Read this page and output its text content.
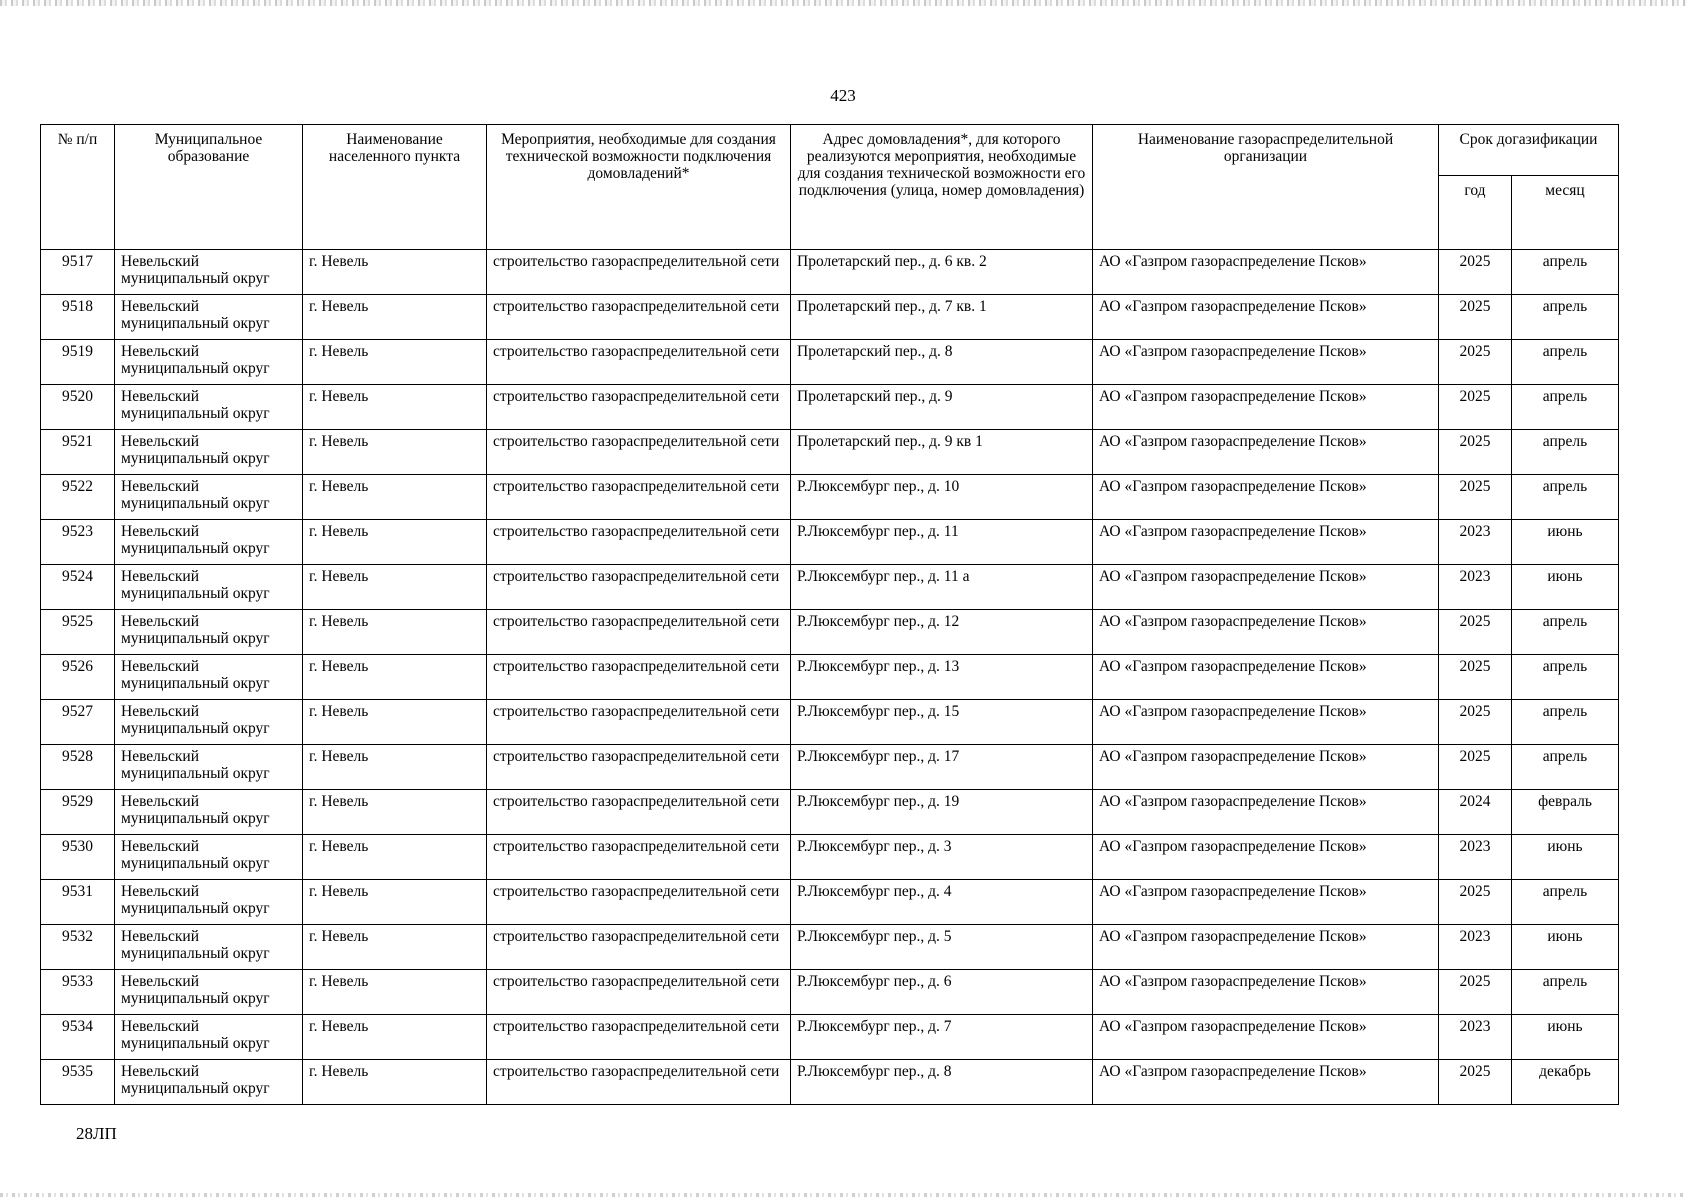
423
№ п/п	Муниципальное образование	Наименование населенного пункта	Мероприятия, необходимые для создания технической возможности подключения домовладений*	Адрес домовладения*, для которого реализуются мероприятия, необходимые для создания технической возможности его подключения (улица, номер домовладения)	Наименование газораспределительной организации	Срок догазификации	
						год	месяц
9517	Невельский муниципальный округ	г. Невель	строительство газораспределительной сети	Пролетарский пер., д. 6 кв. 2	АО «Газпром газораспределение Псков»	2025	апрель
9518	Невельский муниципальный округ	г. Невель	строительство газораспределительной сети	Пролетарский пер., д. 7 кв. 1	АО «Газпром газораспределение Псков»	2025	апрель
9519	Невельский муниципальный округ	г. Невель	строительство газораспределительной сети	Пролетарский пер., д. 8	АО «Газпром газораспределение Псков»	2025	апрель
9520	Невельский муниципальный округ	г. Невель	строительство газораспределительной сети	Пролетарский пер., д. 9	АО «Газпром газораспределение Псков»	2025	апрель
9521	Невельский муниципальный округ	г. Невель	строительство газораспределительной сети	Пролетарский пер., д. 9 кв 1	АО «Газпром газораспределение Псков»	2025	апрель
9522	Невельский муниципальный округ	г. Невель	строительство газораспределительной сети	Р.Люксембург пер., д. 10	АО «Газпром газораспределение Псков»	2025	апрель
9523	Невельский муниципальный округ	г. Невель	строительство газораспределительной сети	Р.Люксембург пер., д. 11	АО «Газпром газораспределение Псков»	2023	июнь
9524	Невельский муниципальный округ	г. Невель	строительство газораспределительной сети	Р.Люксембург пер., д. 11 а	АО «Газпром газораспределение Псков»	2023	июнь
9525	Невельский муниципальный округ	г. Невель	строительство газораспределительной сети	Р.Люксембург пер., д. 12	АО «Газпром газораспределение Псков»	2025	апрель
9526	Невельский муниципальный округ	г. Невель	строительство газораспределительной сети	Р.Люксембург пер., д. 13	АО «Газпром газораспределение Псков»	2025	апрель
9527	Невельский муниципальный округ	г. Невель	строительство газораспределительной сети	Р.Люксембург пер., д. 15	АО «Газпром газораспределение Псков»	2025	апрель
9528	Невельский муниципальный округ	г. Невель	строительство газораспределительной сети	Р.Люксембург пер., д. 17	АО «Газпром газораспределение Псков»	2025	апрель
9529	Невельский муниципальный округ	г. Невель	строительство газораспределительной сети	Р.Люксембург пер., д. 19	АО «Газпром газораспределение Псков»	2024	февраль
9530	Невельский муниципальный округ	г. Невель	строительство газораспределительной сети	Р.Люксембург пер., д. 3	АО «Газпром газораспределение Псков»	2023	июнь
9531	Невельский муниципальный округ	г. Невель	строительство газораспределительной сети	Р.Люксембург пер., д. 4	АО «Газпром газораспределение Псков»	2025	апрель
9532	Невельский муниципальный округ	г. Невель	строительство газораспределительной сети	Р.Люксембург пер., д. 5	АО «Газпром газораспределение Псков»	2023	июнь
9533	Невельский муниципальный округ	г. Невель	строительство газораспределительной сети	Р.Люксембург пер., д. 6	АО «Газпром газораспределение Псков»	2025	апрель
9534	Невельский муниципальный округ	г. Невель	строительство газораспределительной сети	Р.Люксембург пер., д. 7	АО «Газпром газораспределение Псков»	2023	июнь
9535	Невельский муниципальный округ	г. Невель	строительство газораспределительной сети	Р.Люксембург пер., д. 8	АО «Газпром газораспределение Псков»	2025	декабрь
28ЛП
